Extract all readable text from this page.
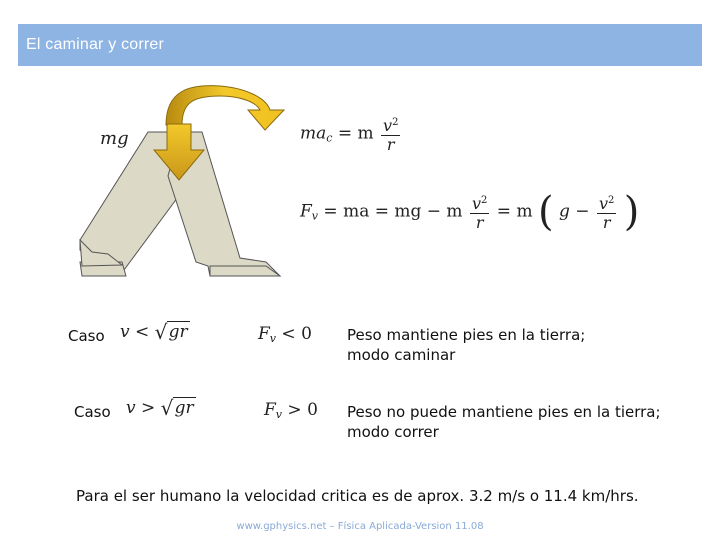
El caminar y correr
mg	$ma_c = m \frac{v^2}{r}$
$F_v$ = ma = mg − m $\frac{v^2}{r} = m$ ( $g - \frac{v^2}{r}$ )
Caso v < √ gr	$F_v < 0$ Peso mantiene pies en la tierra;
modo caminar
Caso v > √ gr	$F_v > 0$ Peso no puede mantiene pies en la tierra;
modo correr
Para el ser humano la velocidad critica es de aprox. 3.2 m/s o 11.4 km/hrs.
www.gphysics.net – Física Aplicada-Version 11.08
